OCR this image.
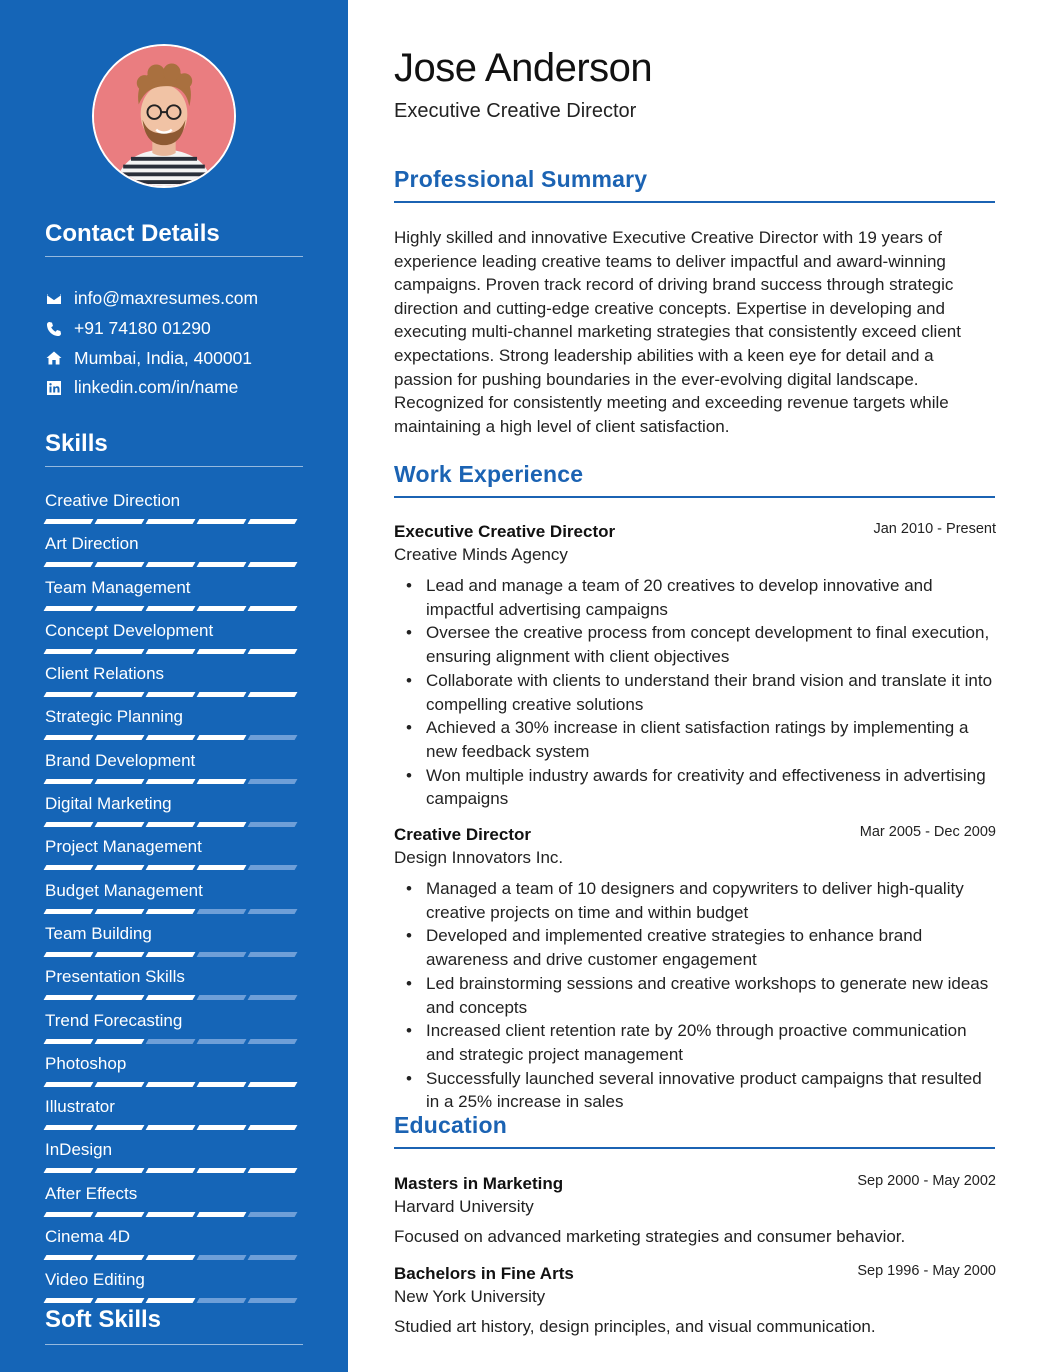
Contact Details
info@maxresumes.com
+91 74180 01290
Mumbai, India, 400001
linkedin.com/in/name
Skills
Creative Direction
Art Direction
Team Management
Concept Development
Client Relations
Strategic Planning
Brand Development
Digital Marketing
Project Management
Budget Management
Team Building
Presentation Skills
Trend Forecasting
Photoshop
Illustrator
InDesign
After Effects
Cinema 4D
Video Editing
Soft Skills
Jose Anderson
Executive Creative Director
Professional Summary

Highly skilled and innovative Executive Creative Director with 19 years of experience leading creative teams to deliver impactful and award-winning campaigns. Proven track record of driving brand success through strategic direction and cutting-edge creative concepts. Expertise in developing and executing multi-channel marketing strategies that consistently exceed client expectations. Strong leadership abilities with a keen eye for detail and a passion for pushing boundaries in the ever-evolving digital landscape. Recognized for consistently meeting and exceeding revenue targets while maintaining a high level of client satisfaction.

Work Experience
Executive Creative Director	Jan 2010 - Present
Creative Minds Agency
• Lead and manage a team of 20 creatives to develop innovative and impactful advertising campaigns
• Oversee the creative process from concept development to final execution, ensuring alignment with client objectives
• Collaborate with clients to understand their brand vision and translate it into compelling creative solutions
• Achieved a 30% increase in client satisfaction ratings by implementing a new feedback system
• Won multiple industry awards for creativity and effectiveness in advertising campaigns
Creative Director	Mar 2005 - Dec 2009
Design Innovators Inc.
• Managed a team of 10 designers and copywriters to deliver high-quality creative projects on time and within budget
• Developed and implemented creative strategies to enhance brand awareness and drive customer engagement
• Led brainstorming sessions and creative workshops to generate new ideas and concepts
• Increased client retention rate by 20% through proactive communication and strategic project management
• Successfully launched several innovative product campaigns that resulted in a 25% increase in sales
Education
Masters in Marketing	Sep 2000 - May 2002
Harvard University
Focused on advanced marketing strategies and consumer behavior.
Bachelors in Fine Arts	Sep 1996 - May 2000
New York University
Studied art history, design principles, and visual communication.
